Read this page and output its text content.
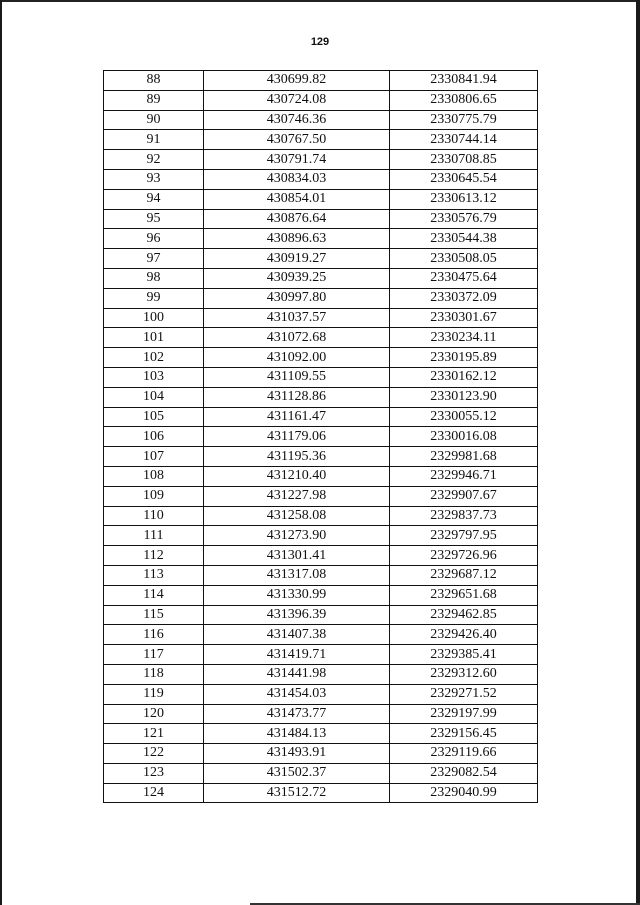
129
88	430699.82	2330841.94
89	430724.08	2330806.65
90	430746.36	2330775.79
91	430767.50	2330744.14
92	430791.74	2330708.85
93	430834.03	2330645.54
94	430854.01	2330613.12
95	430876.64	2330576.79
96	430896.63	2330544.38
97	430919.27	2330508.05
98	430939.25	2330475.64
99	430997.80	2330372.09
100	431037.57	2330301.67
101	431072.68	2330234.11
102	431092.00	2330195.89
103	431109.55	2330162.12
104	431128.86	2330123.90
105	431161.47	2330055.12
106	431179.06	2330016.08
107	431195.36	2329981.68
108	431210.40	2329946.71
109	431227.98	2329907.67
110	431258.08	2329837.73
111	431273.90	2329797.95
112	431301.41	2329726.96
113	431317.08	2329687.12
114	431330.99	2329651.68
115	431396.39	2329462.85
116	431407.38	2329426.40
117	431419.71	2329385.41
118	431441.98	2329312.60
119	431454.03	2329271.52
120	431473.77	2329197.99
121	431484.13	2329156.45
122	431493.91	2329119.66
123	431502.37	2329082.54
124	431512.72	2329040.99
